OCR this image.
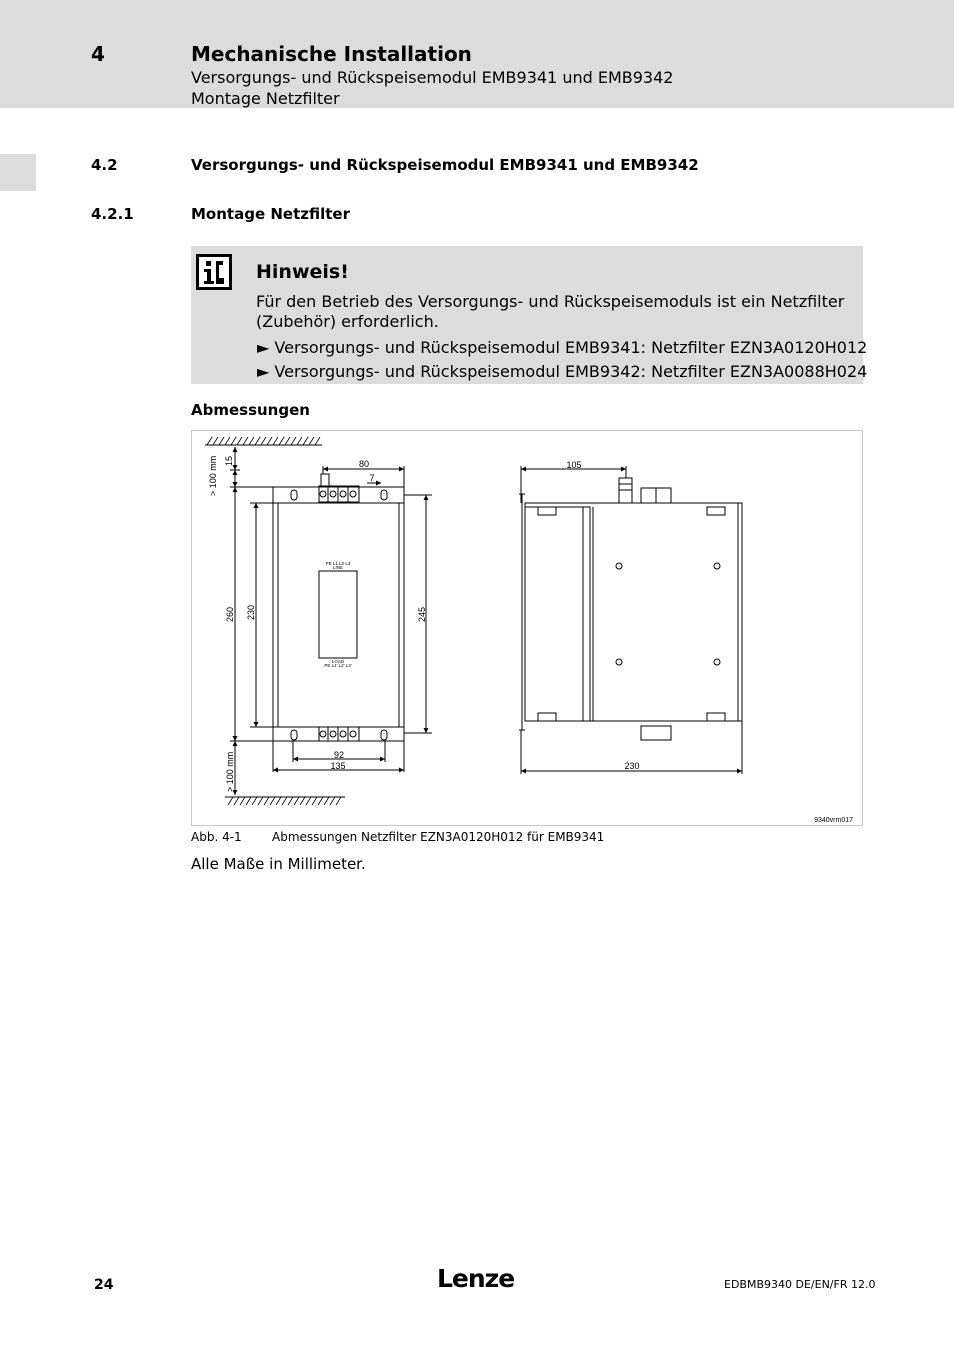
4	Mechanische Installation
Versorgungs- und Rückspeisemodul EMB9341 und EMB9342
Montage Netzfilter
4.2	Versorgungs- und Rückspeisemodul EMB9341 und EMB9342
4.2.1	Montage Netzfilter
Hinweis!
Für den Betrieb des Versorgungs- und Rückspeisemoduls ist ein Netzfilter (Zubehör) erforderlich.
► Versorgungs- und Rückspeisemodul EMB9341: Netzfilter EZN3A0120H012
► Versorgungs- und Rückspeisemodul EMB9342: Netzfilter EZN3A0088H024
Abmessungen
80
7
15
> 100 mm
260 230	245
92
135
> 100 mm
105
230
PE L1 L2 L3
LINE
LOAD
PE L1' L2' L3'
9340vrm017
Abb. 4-1	Abmessungen Netzfilter EZN3A0120H012 für EMB9341
Alle Maße in Millimeter.
24	Lenze	EDBMB9340 DE/EN/FR 12.0
